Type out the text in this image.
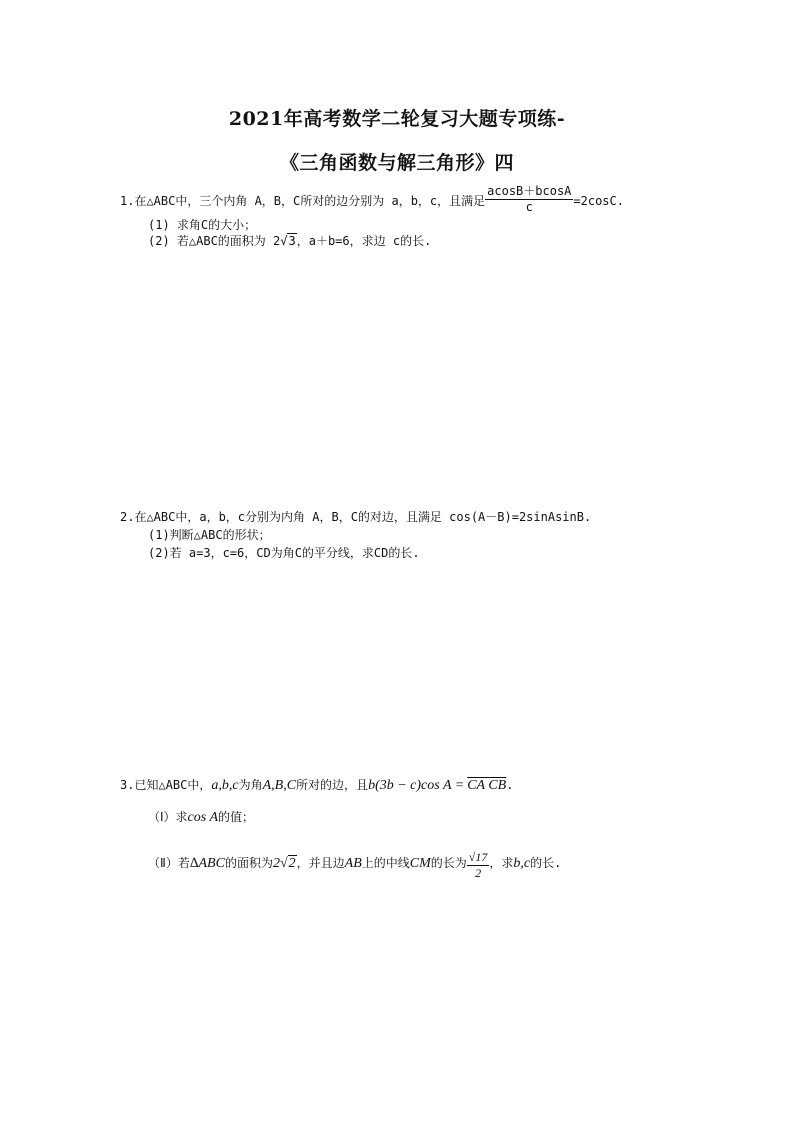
2021年高考数学二轮复习大题专项练-
《三角函数与解三角形》四
1.在△ABC中，三个内角 A，B，C所对的边分别为 a，b，c，且满足 $\frac{acosB+bcosA}{c} =2\cos C$.
(1) 求角C的大小；
(2) 若△ABC的面积为 2√3，a＋b=6，求边 c的长.
2.在△ABC中，a，b，c分别为内角 A，B，C的对边，且满足 cos(A－B)=2sinAsinB.
(1)判断△ABC的形状；
(2)若 a=3，c=6，CD为角C的平分线，求CD的长.
3.已知△ABC中，a,b,c为角A,B,C所对的边，且b(3b − c)cos A = CA CB.
（Ⅰ）求cos A的值；
（Ⅱ）若∆ABC的面积为2√2，并且边AB上的中线CM的长为 $\frac{√17}{2}$ ，求b,c的长.
